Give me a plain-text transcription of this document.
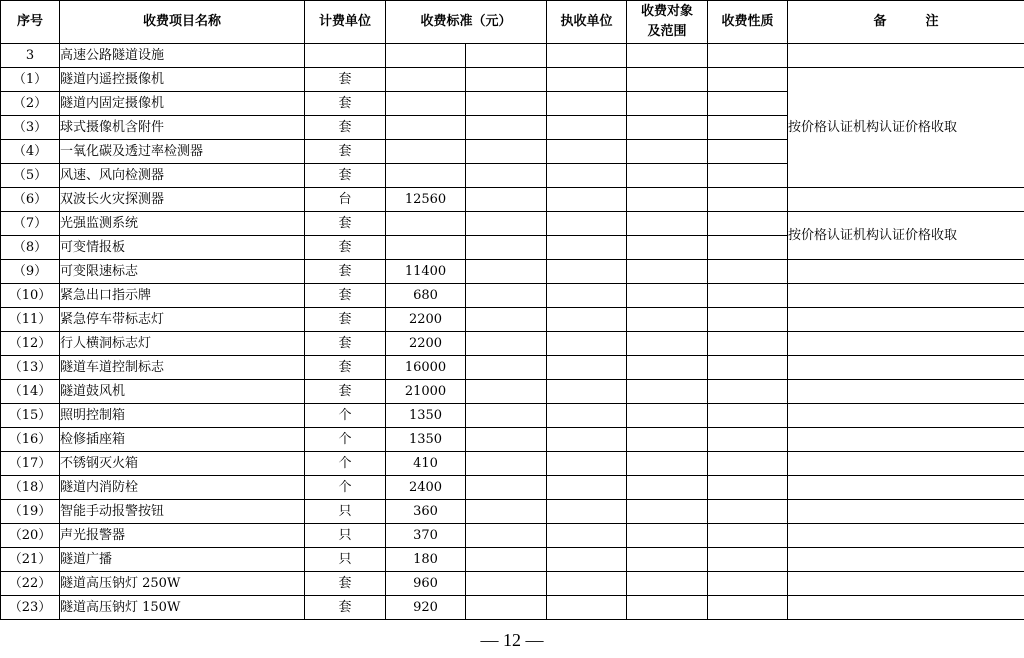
序号	收费项目名称	计费单位	收费标准（元）		执收单位	收费对象
及范围	收费性质	备　　　注
3	高速公路隧道设施							
（1）	隧道内遥控摄像机	套						按价格认证机构认证价格收取
（2）	隧道内固定摄像机	套						
（3）	球式摄像机含附件	套						
（4）	一氧化碳及透过率检测器	套						
（5）	风速、风向检测器	套						
（6）	双波长火灾探测器	台	12560					
（7）	光强监测系统	套						按价格认证机构认证价格收取
（8）	可变情报板	套						
（9）	可变限速标志	套	11400					
（10）	紧急出口指示牌	套	680					
（11）	紧急停车带标志灯	套	2200					
（12）	行人横洞标志灯	套	2200					
（13）	隧道车道控制标志	套	16000					
（14）	隧道鼓风机	套	21000					
（15）	照明控制箱	个	1350					
（16）	检修插座箱	个	1350					
（17）	不锈钢灭火箱	个	410					
（18）	隧道内消防栓	个	2400					
（19）	智能手动报警按钮	只	360					
（20）	声光报警器	只	370					
（21）	隧道广播	只	180					
（22）	隧道高压钠灯 250W	套	960					
（23）	隧道高压钠灯 150W	套	920					
— 12 —
